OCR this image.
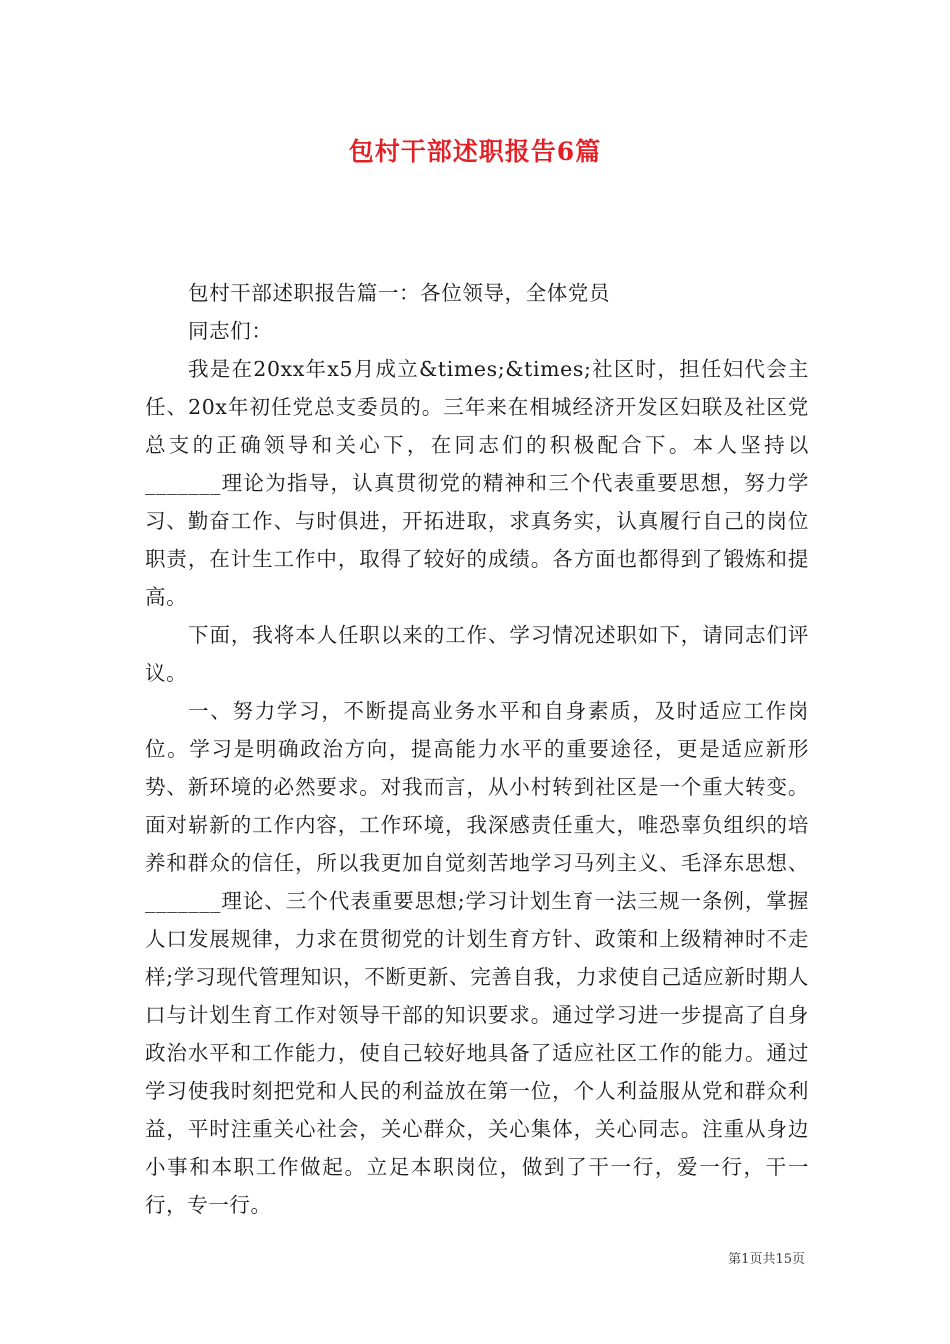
包村干部述职报告6篇

包村干部述职报告篇一：各位领导，全体党员

同志们：

我是在20xx年x5月成立&times;&times;社区时，担任妇代会主任、20x年初任党总支委员的。三年来在相城经济开发区妇联及社区党总支的正确领导和关心下，在同志们的积极配合下。本人坚持以_______理论为指导，认真贯彻党的精神和三个代表重要思想，努力学习、勤奋工作、与时俱进，开拓进取，求真务实，认真履行自己的岗位职责，在计生工作中，取得了较好的成绩。各方面也都得到了锻炼和提高。

下面，我将本人任职以来的工作、学习情况述职如下，请同志们评议。

一、努力学习，不断提高业务水平和自身素质，及时适应工作岗位。学习是明确政治方向，提高能力水平的重要途径，更是适应新形势、新环境的必然要求。对我而言，从小村转到社区是一个重大转变。面对崭新的工作内容，工作环境，我深感责任重大，唯恐辜负组织的培养和群众的信任，所以我更加自觉刻苦地学习马列主义、毛泽东思想、_______理论、三个代表重要思想;学习计划生育一法三规一条例，掌握人口发展规律，力求在贯彻党的计划生育方针、政策和上级精神时不走样;学习现代管理知识，不断更新、完善自我，力求使自己适应新时期人口与计划生育工作对领导干部的知识要求。通过学习进一步提高了自身政治水平和工作能力，使自己较好地具备了适应社区工作的能力。通过学习使我时刻把党和人民的利益放在第一位，个人利益服从党和群众利益，平时注重关心社会，关心群众，关心集体，关心同志。注重从身边小事和本职工作做起。立足本职岗位，做到了干一行，爱一行，干一行，专一行。

第1页共15页
